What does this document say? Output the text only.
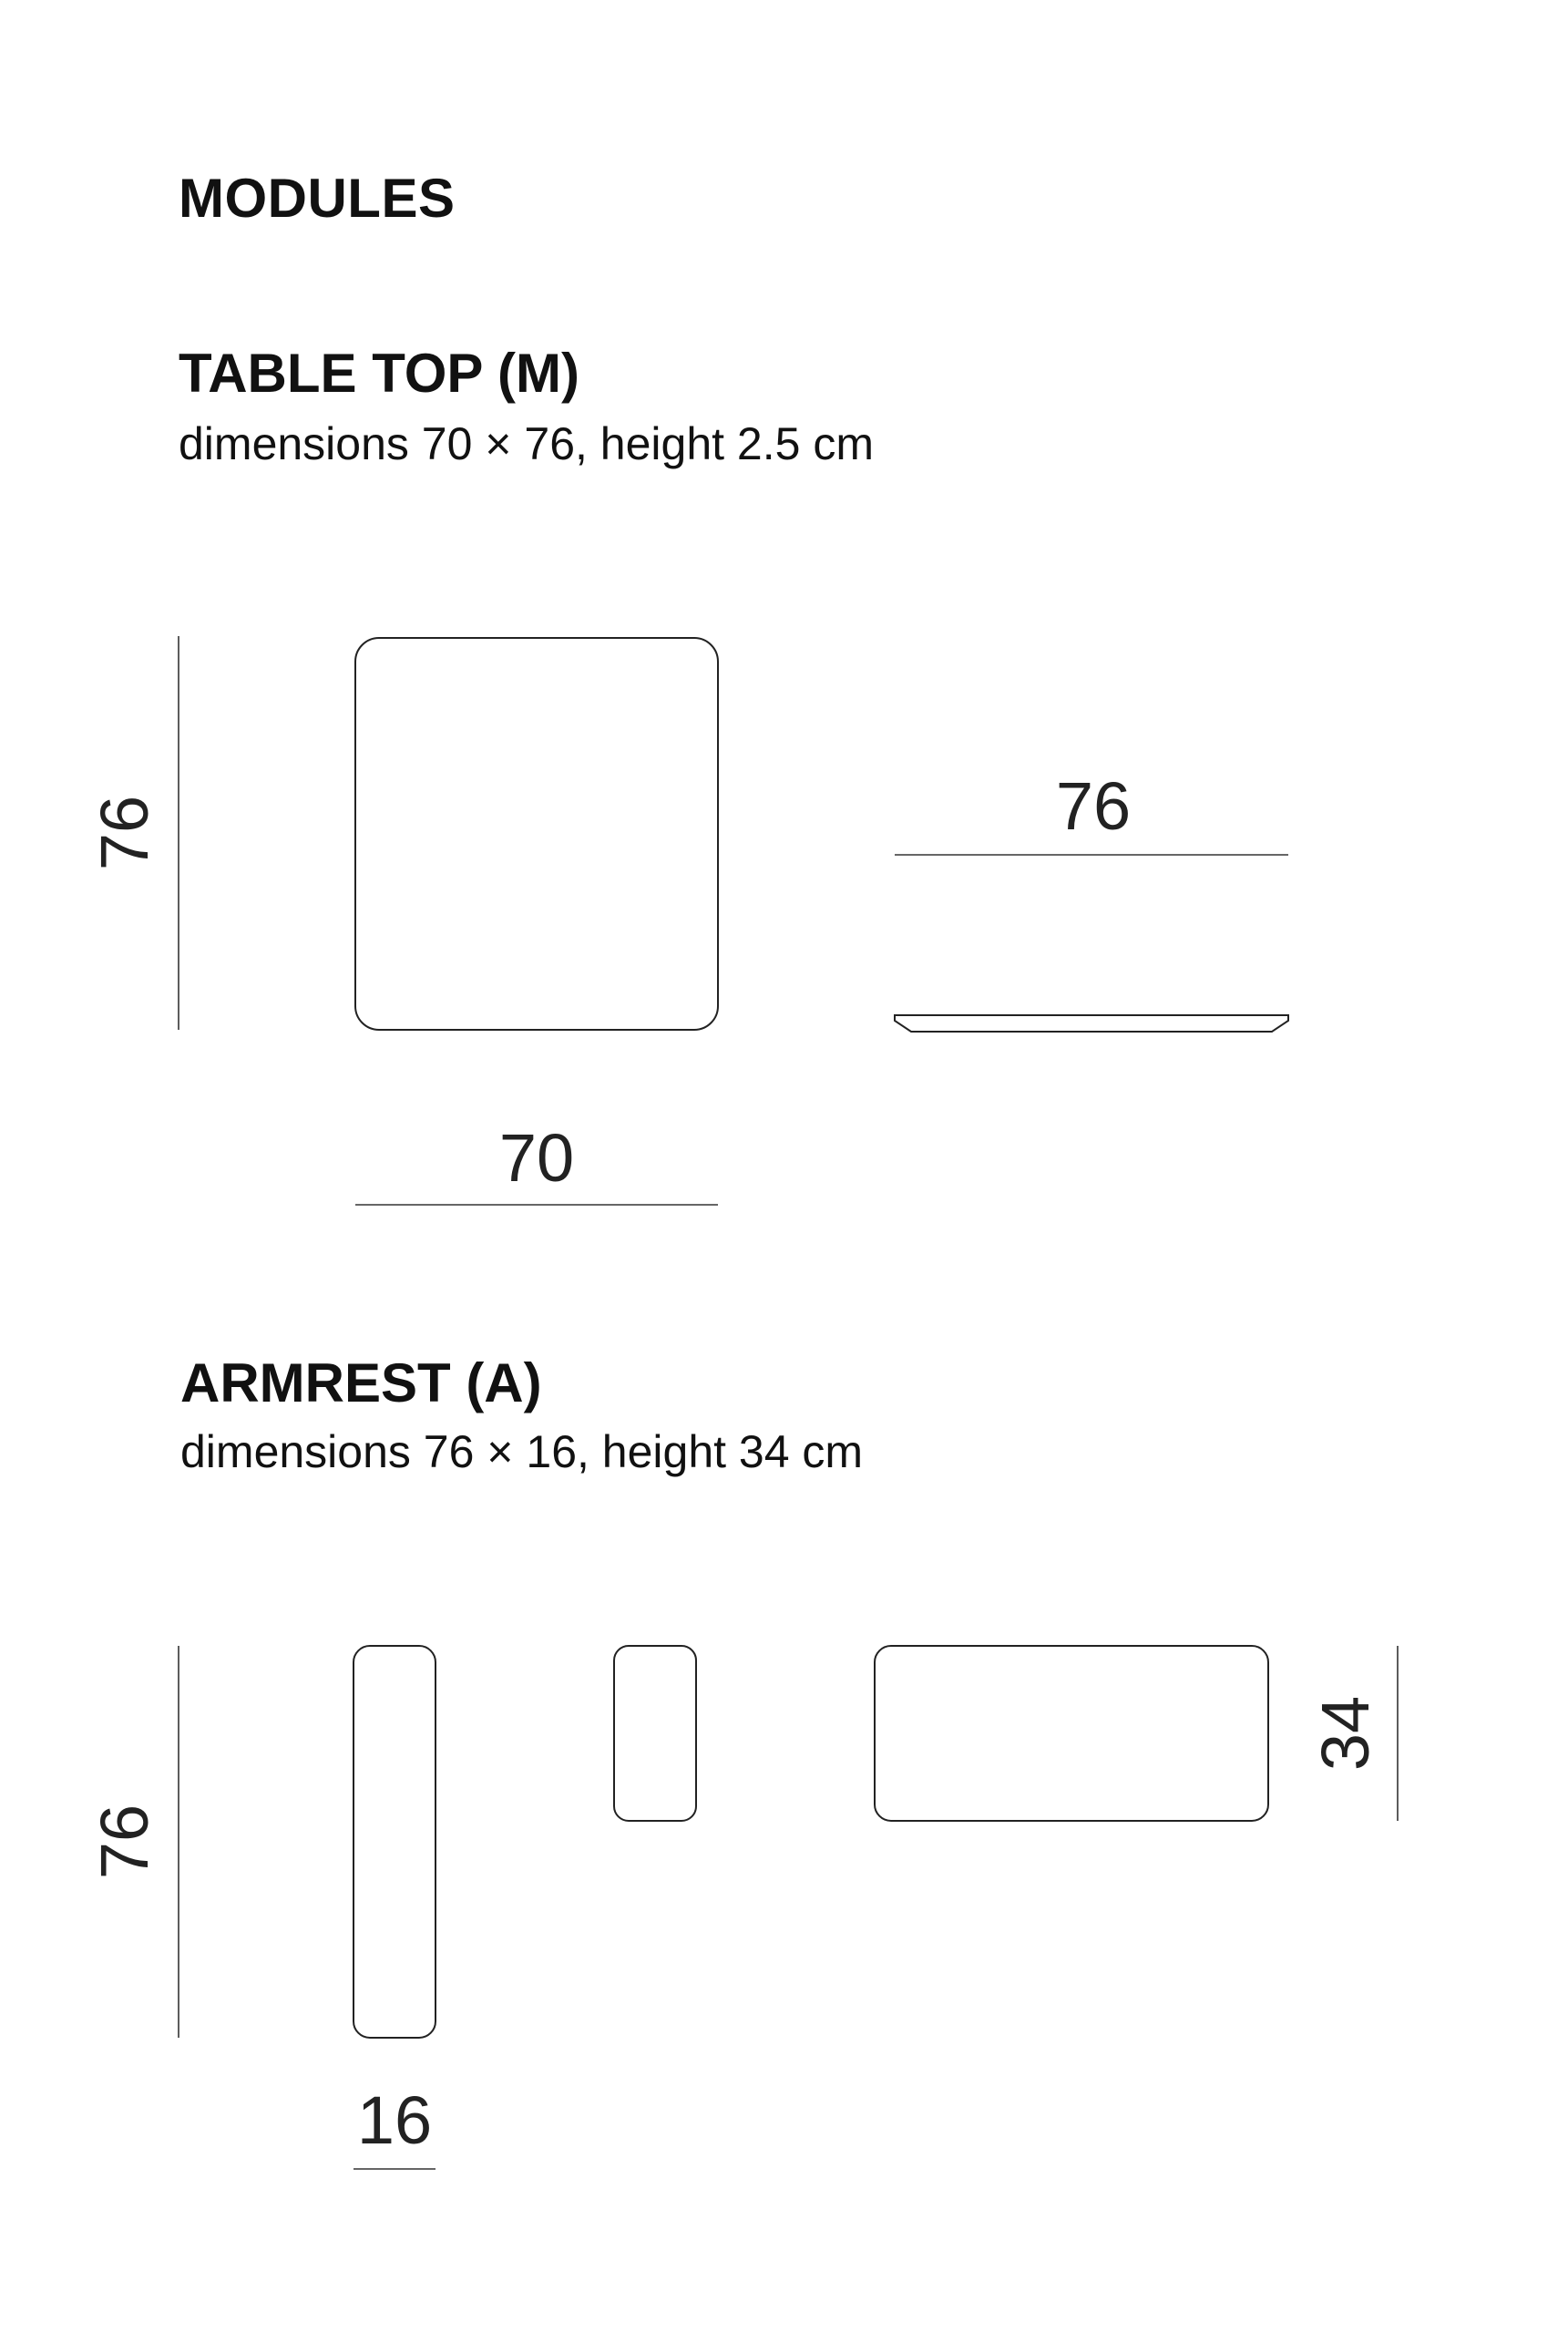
MODULES
TABLE TOP (M)

dimensions 70 × 76, height 2.5 cm

ARMREST (A)

dimensions 76 × 16, height 34 cm

76
70
76
76
16
34
